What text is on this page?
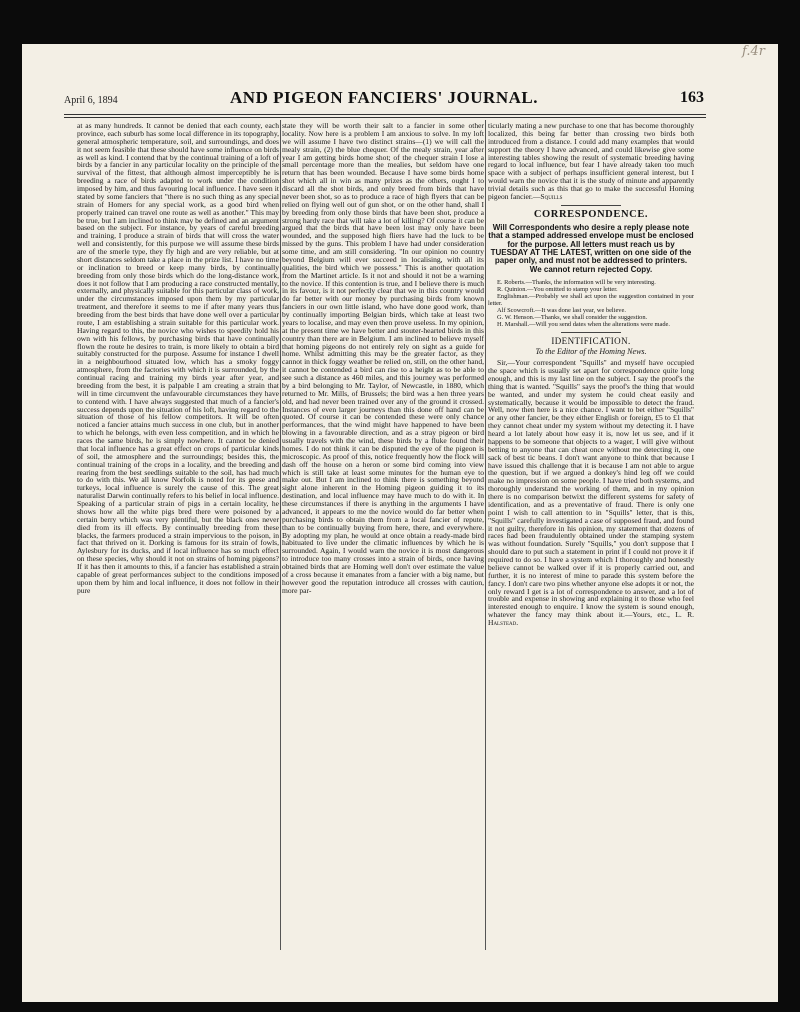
f.4r
April 6, 1894	AND PIGEON FANCIERS' JOURNAL.	163

at as many hundreds. It cannot be denied that each county, each province, each suburb has some local difference in its topography, general atmospheric temperature, soil, and surroundings, and does it not seem feasible that these should have some influence on birds as well as kind. I contend that by the continual training of a loft of birds by a fancier in any particular locality on the principle of the survival of the fittest, that although almost imperceptibly he is breeding a race of birds adapted to work under the condition imposed by him, and thus favouring local influence. I have seen it stated by some fanciers that "there is no such thing as any special strain of Homers for any special work, as a good bird when properly trained can travel one route as well as another." This may be true, but I am inclined to think may be defined and an argument based on the subject. For instance, by years of careful breeding and training, I produce a strain of birds that will cross the water well and consistently, for this purpose we will assume these birds are of the smerle type, they fly high and are very reliable, but at short distances seldom take a place in the prize list. I have no time or inclination to breed or keep many birds, by continually breeding from only those birds which do the long-distance work, does it not follow that I am producing a race constructed mentally, externally, and physically suitable for this particular class of work, under the circumstances imposed upon them by my particular treatment, and therefore it seems to me if after many years thus breeding from the best birds that have done well over a particular route, I am establishing a strain suitable for this particular work. Having regard to this, the novice who wishes to speedily hold his own with his fellows, by purchasing birds that have continually flown the route he desires to train, is more likely to obtain a bird suitably constructed for the purpose. Assume for instance I dwell in a neighbourhood situated low, which has a smoky foggy atmosphere, from the factories with which it is surrounded, by the continual racing and training my birds year after year, and breeding from the best, it is palpable I am creating a strain that will in time circumvent the unfavourable circumstances they have to contend with. I have always suggested that much of a fancier's success depends upon the situation of his loft, having regard to the situation of those of his fellow competitors. It will be often noticed a fancier attains much success in one club, but in another to which he belongs, with even less competition, and in which he races the same birds, he is simply nowhere. It cannot be denied that local influence has a great effect on crops of particular kinds of soil, the atmosphere and the surroundings; besides this, the continual training of the crops in a locality, and the breeding and rearing from the best seedlings suitable to the soil, has had much to do with this. We all know Norfolk is noted for its geese and turkeys, local influence is surely the cause of this. The great naturalist Darwin continually refers to his belief in local influence. Speaking of a particular strain of pigs in a certain locality, he shows how all the white pigs bred there were poisoned by a certain berry which was very plentiful, but the black ones never died from its ill effects. By continually breeding from these blacks, the farmers produced a strain impervious to the poison, in fact that thrived on it. Dorking is famous for its strain of fowls, Aylesbury for its ducks, and if local influence has so much effect on these species, why should it not on strains of homing pigeons? If it has then it amounts to this, if a fancier has established a strain capable of great performances subject to the conditions imposed upon them by him and local influence, it does not follow in their pure

state they will be worth their salt to a fancier in some other locality. Now here is a problem I am anxious to solve. In my loft we will assume I have two distinct strains—(1) we will call the mealy strain, (2) the blue chequer. Of the mealy strain, year after year I am getting birds home shot; of the chequer strain I lose a small percentage more than the mealies, but seldom have one return that has been wounded. Because I have some birds home shot which all in win as many prizes as the others, ought I to discard all the shot birds, and only breed from birds that have never been shot, so as to produce a race of high flyers that can be relied on flying well out of gun shot, or on the other hand, shall I by breeding from only those birds that have been shot, produce a strong hardy race that will take a lot of killing? Of course it can be argued that the birds that have been lost may only have been wounded, and the supposed high fliers have had the luck to be missed by the guns. This problem I have had under consideration some time, and am still considering. "In our opinion no country beyond Belgium will ever succeed in localising, with all its qualities, the bird which we possess." This is another quotation from the Martinet article. Is it not and should it not be a warning to the novice. If this contention is true, and I believe there is much in its favour, is it not perfectly clear that we in this country would do far better with our money by purchasing birds from known fanciers in our own little island, who have done good work, than by continually importing Belgian birds, which take at least two years to localise, and may even then prove useless. In my opinion, at the present time we have better and stouter-hearted birds in this country than there are in Belgium. I am inclined to believe myself that homing pigeons do not entirely rely on sight as a guide for home. Whilst admitting this may be the greater factor, as they cannot in thick foggy weather be relied on, still, on the other hand, it cannot be contended a bird can rise to a height as to be able to see such a distance as 460 miles, and this journey was performed by a bird belonging to Mr. Taylor, of Newcastle, in 1880, which returned to Mr. Mills, of Brussels; the bird was a hen three years old, and had never been trained over any of the ground it crossed. Instances of even larger journeys than this done off hand can be quoted. Of course it can be contended these were only chance performances, that the wind might have happened to have been blowing in a favourable direction, and as a stray pigeon or bird usually travels with the wind, these birds by a fluke found their homes. I do not think it can be disputed the eye of the pigeon is microscopic. As proof of this, notice frequently how the flock will dash off the house on a heron or some bird coming into view which is still take at least some minutes for the human eye to make out. But I am inclined to think there is something beyond sight alone inherent in the Homing pigeon guiding it to its destination, and local influence may have much to do with it. In these circumstances if there is anything in the arguments I have advanced, it appears to me the novice would do far better when purchasing birds to obtain them from a local fancier of repute, than to be continually buying from here, there, and everywhere. By adopting my plan, he would at once obtain a ready-made bird habituated to live under the climatic influences by which he is surrounded. Again, I would warn the novice it is most dangerous to introduce too many crosses into a strain of birds, once having obtained birds that are Homing well don't over estimate the value of a cross because it emanates from a fancier with a big name, but however good the reputation introduce all crosses with caution, more par-

ticularly mating a new purchase to one that has become thoroughly localized, this being far better than crossing two birds both introduced from a distance. I could add many examples that would support the theory I have advanced, and could likewise give some interesting tables showing the result of systematic breeding having regard to local influence, but fear I have already taken too much space with a subject of perhaps insufficient general interest, but I would warn the novice that it is the study of minute and apparently trivial details such as this that go to make the successful Homing pigeon fancier.—Squills

CORRESPONDENCE.
Will Correspondents who desire a reply please note that a stamped addressed envelope must be enclosed for the purpose. All letters must reach us by TUESDAY AT THE LATEST, written on one side of the paper only, and must not be addressed to printers. We cannot return rejected Copy.

E. Roberts.—Thanks, the information will be very interesting.

R. Quinion.—You omitted to stamp your letter.

Englishman.—Probably we shall act upon the suggestion contained in your letter.

Alf Scowcroft.—It was done last year, we believe.

G. W. Henson.—Thanks, we shall consider the suggestion.

H. Marshall.—Will you send dates when the alterations were made.

IDENTIFICATION.
To the Editor of the Homing News.

Sir,—Your correspondent "Squills" and myself have occupied the space which is usually set apart for correspondence quite long enough, and this is my last line on the subject. I say the proof's the thing that is wanted. "Squills" says the proof's the thing that would be wanted, and under my system he could cheat easily and systematically, because it would be impossible to detect the fraud. Well, now then here is a nice chance. I want to bet either "Squills" or any other fancier, be they either English or foreign, £5 to £1 that they cannot cheat under my system without my detecting it. I have heard a lot lately about how easy it is, now let us see, and if it happens to be someone that objects to a wager, I will give without betting to anyone that can cheat once without me detecting it, one sack of best tic beans. I don't want anyone to think that because I have issued this challenge that it is because I am not able to argue the question, but if we argued a donkey's hind leg off we could make no impression on some people. I have tried both systems, and thoroughly understand the working of them, and in my opinion there is no comparison betwixt the different systems for safety of identification, and as a preventative of fraud. There is only one point I wish to call attention to in "Squills" letter, that is this, "Squills" carefully investigated a case of supposed fraud, and found it not guilty, therefore in his opinion, my statement that dozens of races had been fraudulently obtained under the stamping system was without foundation. Surely "Squills," you don't suppose that I should dare to put such a statement in print if I could not prove it if required to do so. I have a system which I thoroughly and honestly believe cannot be walked over if it is properly carried out, and further, it is no interest of mine to parade this system before the fancy. I don't care two pins whether anyone else adopts it or not, the only reward I get is a lot of correspondence to answer, and a lot of trouble and expense in showing and explaining it to those who feel interested enough to enquire. I know the system is sound enough, whatever the fancy may think about it.—Yours, etc., L. R. Halstead.
